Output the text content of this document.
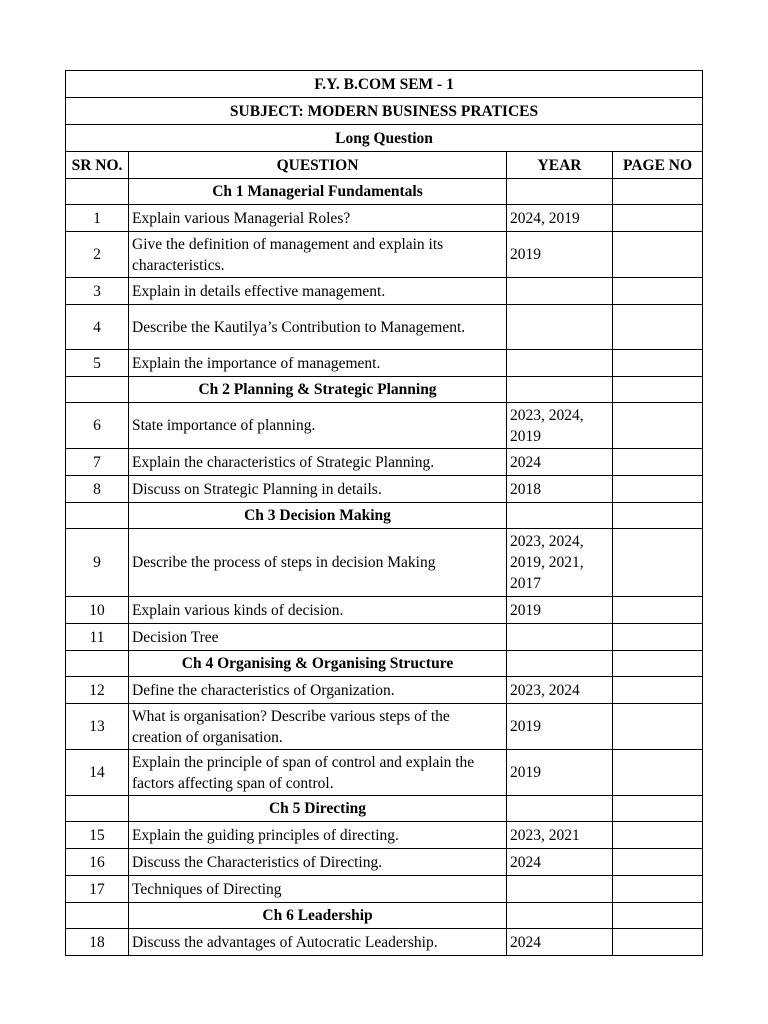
F.Y. B.COM SEM - 1			
SUBJECT: MODERN BUSINESS PRATICES			
Long Question			
SR NO.	QUESTION	YEAR	PAGE NO
	Ch 1 Managerial Fundamentals		
1	Explain various Managerial Roles?	2024, 2019	
2	Give the definition of management and explain its characteristics.	2019	
3	Explain in details effective management.		
4	Describe the Kautilya’s Contribution to Management.		
5	Explain the importance of management.		
	Ch 2 Planning & Strategic Planning		
6	State importance of planning.	2023, 2024, 2019	
7	Explain the characteristics of Strategic Planning.	2024	
8	Discuss on Strategic Planning in details.	2018	
	Ch 3 Decision Making		
9	Describe the process of steps in decision Making	2023, 2024, 2019, 2021, 2017	
10	Explain various kinds of decision.	2019	
11	Decision Tree		
	Ch 4 Organising & Organising Structure		
12	Define the characteristics of Organization.	2023, 2024	
13	What is organisation? Describe various steps of the creation of organisation.	2019	
14	Explain the principle of span of control and explain the factors affecting span of control.	2019	
	Ch 5 Directing		
15	Explain the guiding principles of directing.	2023, 2021	
16	Discuss the Characteristics of Directing.	2024	
17	Techniques of Directing		
	Ch 6 Leadership		
18	Discuss the advantages of Autocratic Leadership.	2024	
